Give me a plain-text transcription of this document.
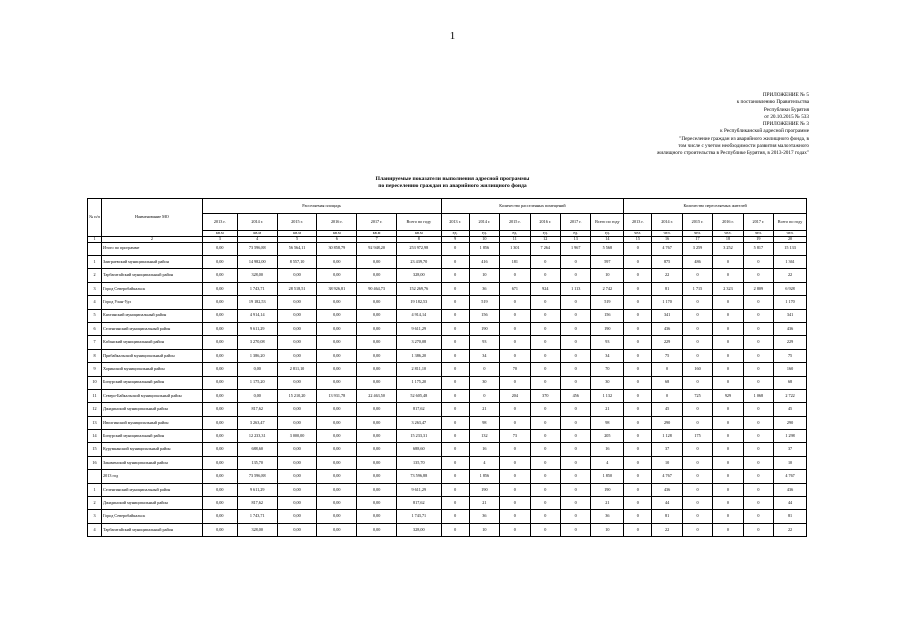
1
ПРИЛОЖЕНИЕ № 5
к постановлению Правительства
Республики Бурятия
от 20.10.2015 № 533
ПРИЛОЖЕНИЕ № 3
к Республиканской адресной программе
"Переселение граждан из аварийного жилищного фонда, в
том числе с учетом необходимости развития малоэтажного
жилищного строительства в Республике Бурятия, в 2013-2017 годах"
Планируемые показатели выполнения адресной программы
по переселению граждан из аварийного жилищного фонда
№ п/п	Наименование МО	Расселяемая площадь						Количество расселенных помещений						Количество переселяемых жителей					
		2013 г.	2014 г.	2015 г.	2016 г.	2017 г.	Всего по году	2013 г.	2014 г.	2015 г.	2016 г.	2017 г.	Всего по году	2013 г.	2014 г.	2015 г.	2016 г.	2017 г.	Всего по году
		кв.м	кв.м	кв.м	кв.м	кв.м	кв.м	ед.	ед.	ед.	ед.	ед.	ед.	чел.	чел.	чел.	чел.	чел.	чел.
1	2	3	4	5	6	7	8	9	10	11	12	13	14	15	16	17	18	19	20
	Итого по программе	0,00	73 596,88	56 564,11	30 858,79	92 948,20	253 972,98	0	1 856	1 301	7 264	1 967	5 568	0	4 767	3 259	3 252	5 817	15 133
1	Заиграевский муниципальный район	0,00	14 982,00	8 557,10	0,00	0,00	23 439,70	0	416	181	0	0	597	0	875	486	0	0	1 361
2	Тарбагатайский муниципальный район	0,00	328,00	0,00	0,00	0,00	328,00	0	10	0	0	0	10	0	22	0	0	0	22
3	Город Северобайкальск	0,00	1 743,71	28 518,51	38 926,81	90 464,73	152 269,76	0	36	671	924	1 113	2 742	0	81	1 715	2 323	2 809	6 928
4	Город Улан-Удэ	0,00	19 182,53	0,00	0,00	0,00	19 182,53	0	519	0	0	0	519	0	1 170	0	0	0	1 170
5	Кяхтинский муниципальный район	0,00	4 914,14	0,00	0,00	0,00	4 914,14	0	156	0	0	0	156	0	341	0	0	0	341
6	Селенгинский муниципальный район	0,00	9 611,29	0,00	0,00	0,00	9 611,29	0	190	0	0	0	190	0	436	0	0	0	436
7	Кабанский муниципальный район	0,00	3 270,08	0,00	0,00	0,00	3 270,08	0	93	0	0	0	93	0	229	0	0	0	229
8	Прибайкальский муниципальный район	0,00	1 386,20	0,00	0,00	0,00	1 386,20	0	34	0	0	0	34	0	75	0	0	0	75
9	Хоринский муниципальный район	0,00	0,00	2 811,10	0,00	0,00	2 811,10	0	0	70	0	0	70	0	0	160	0	0	160
10	Бичурский муниципальный район	0,00	1 175,20	0,00	0,00	0,00	1 175,20	0	30	0	0	0	30	0	68	0	0	0	68
11	Северо-Байкальский муниципальный район	0,00	0,00	15 210,20	13 931,78	22 463,50	52 605,48	0	0	204	370	456	1 132	0	0	725	929	1 068	2 722
12	Джидинский муниципальный район	0,00	817,62	0,00	0,00	0,00	817,62	0	21	0	0	0	21	0	45	0	0	0	45
13	Иволгинский муниципальный район	0,00	3 263,47	0,00	0,00	0,00	3 263,47	0	98	0	0	0	98	0	290	0	0	0	290
14	Бичурский муниципальный район	0,00	12 233,31	3 000,00	0,00	0,00	15 233,31	0	132	73	0	0	205	0	1 128	175	0	0	1 298
15	Курумканский муниципальный район	0,00	688,60	0,00	0,00	0,00	688,60	0	16	0	0	0	16	0	37	0	0	0	37
16	Закаменский муниципальный район	0,00	135,70	0,00	0,00	0,00	135,70	0	4	0	0	0	4	0	10	0	0	0	10
	2013 год	0,00	73 596,88	0,00	0,00	0,00	73 596,88	0	1 856	0	0	0	1 850	0	4 767	0	0	0	4 767
1	Селенгинский муниципальный район	0,00	9 611,29	0,00	0,00	0,00	9 611,29	0	190	0	0	0	190	0	436	0	0	0	436
2	Джидинский муниципальный район	0,00	817,62	0,00	0,00	0,00	817,62	0	21	0	0	0	21	0	44	0	0	0	44
3	Город Северобайкальск	0,00	1 743,71	0,00	0,00	0,00	1 743,71	0	36	0	0	0	36	0	81	0	0	0	81
4	Тарбагатайский муниципальный район	0,00	328,00	0,00	0,00	0,00	328,00	0	10	0	0	0	10	0	22	0	0	0	22
